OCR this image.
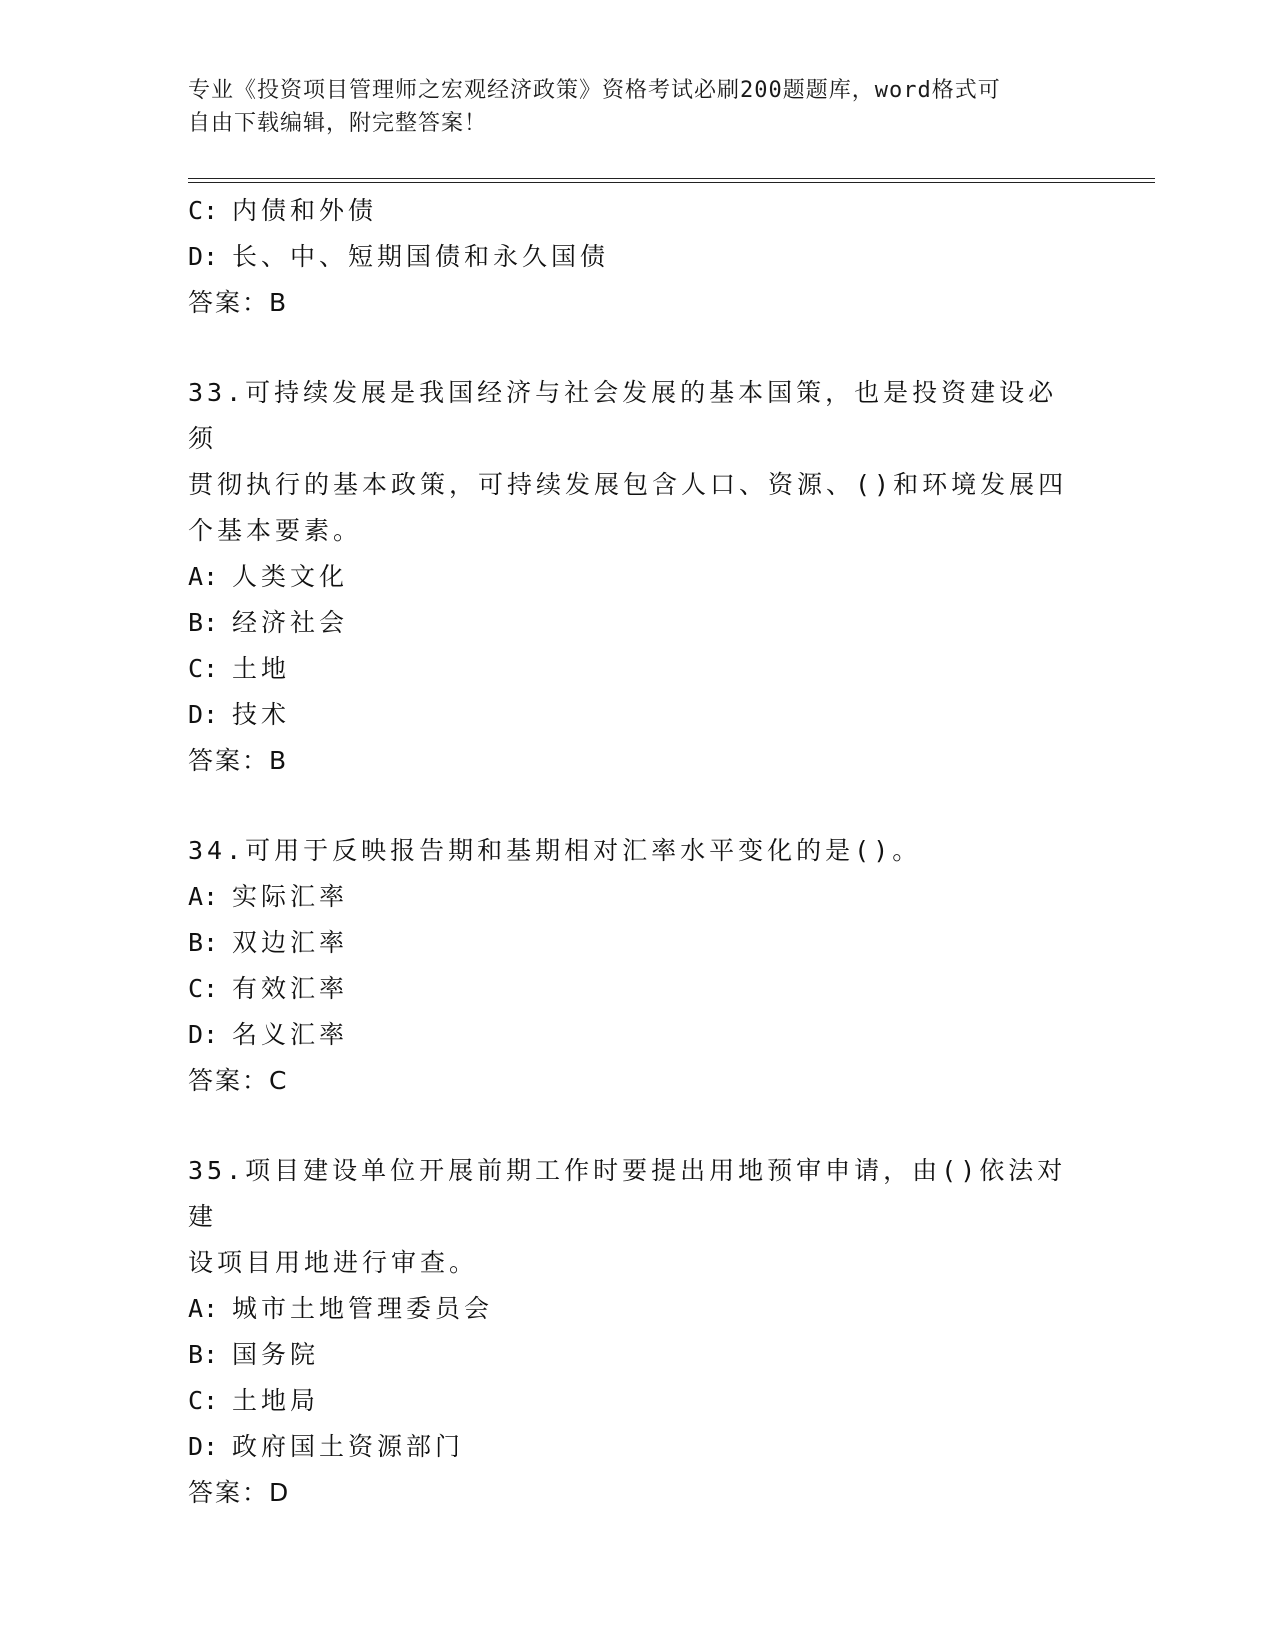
专业《投资项目管理师之宏观经济政策》资格考试必刷200题题库，word格式可
自由下载编辑，附完整答案！
C: 内债和外债
D: 长、中、短期国债和永久国债
答案：B
33.可持续发展是我国经济与社会发展的基本国策，也是投资建设必须
贯彻执行的基本政策，可持续发展包含人口、资源、()和环境发展四
个基本要素。
A: 人类文化
B: 经济社会
C: 土地
D: 技术
答案：B
34.可用于反映报告期和基期相对汇率水平变化的是()。
A: 实际汇率
B: 双边汇率
C: 有效汇率
D: 名义汇率
答案：C
35.项目建设单位开展前期工作时要提出用地预审申请，由()依法对建
设项目用地进行审查。
A: 城市土地管理委员会
B: 国务院
C: 土地局
D: 政府国土资源部门
答案：D
